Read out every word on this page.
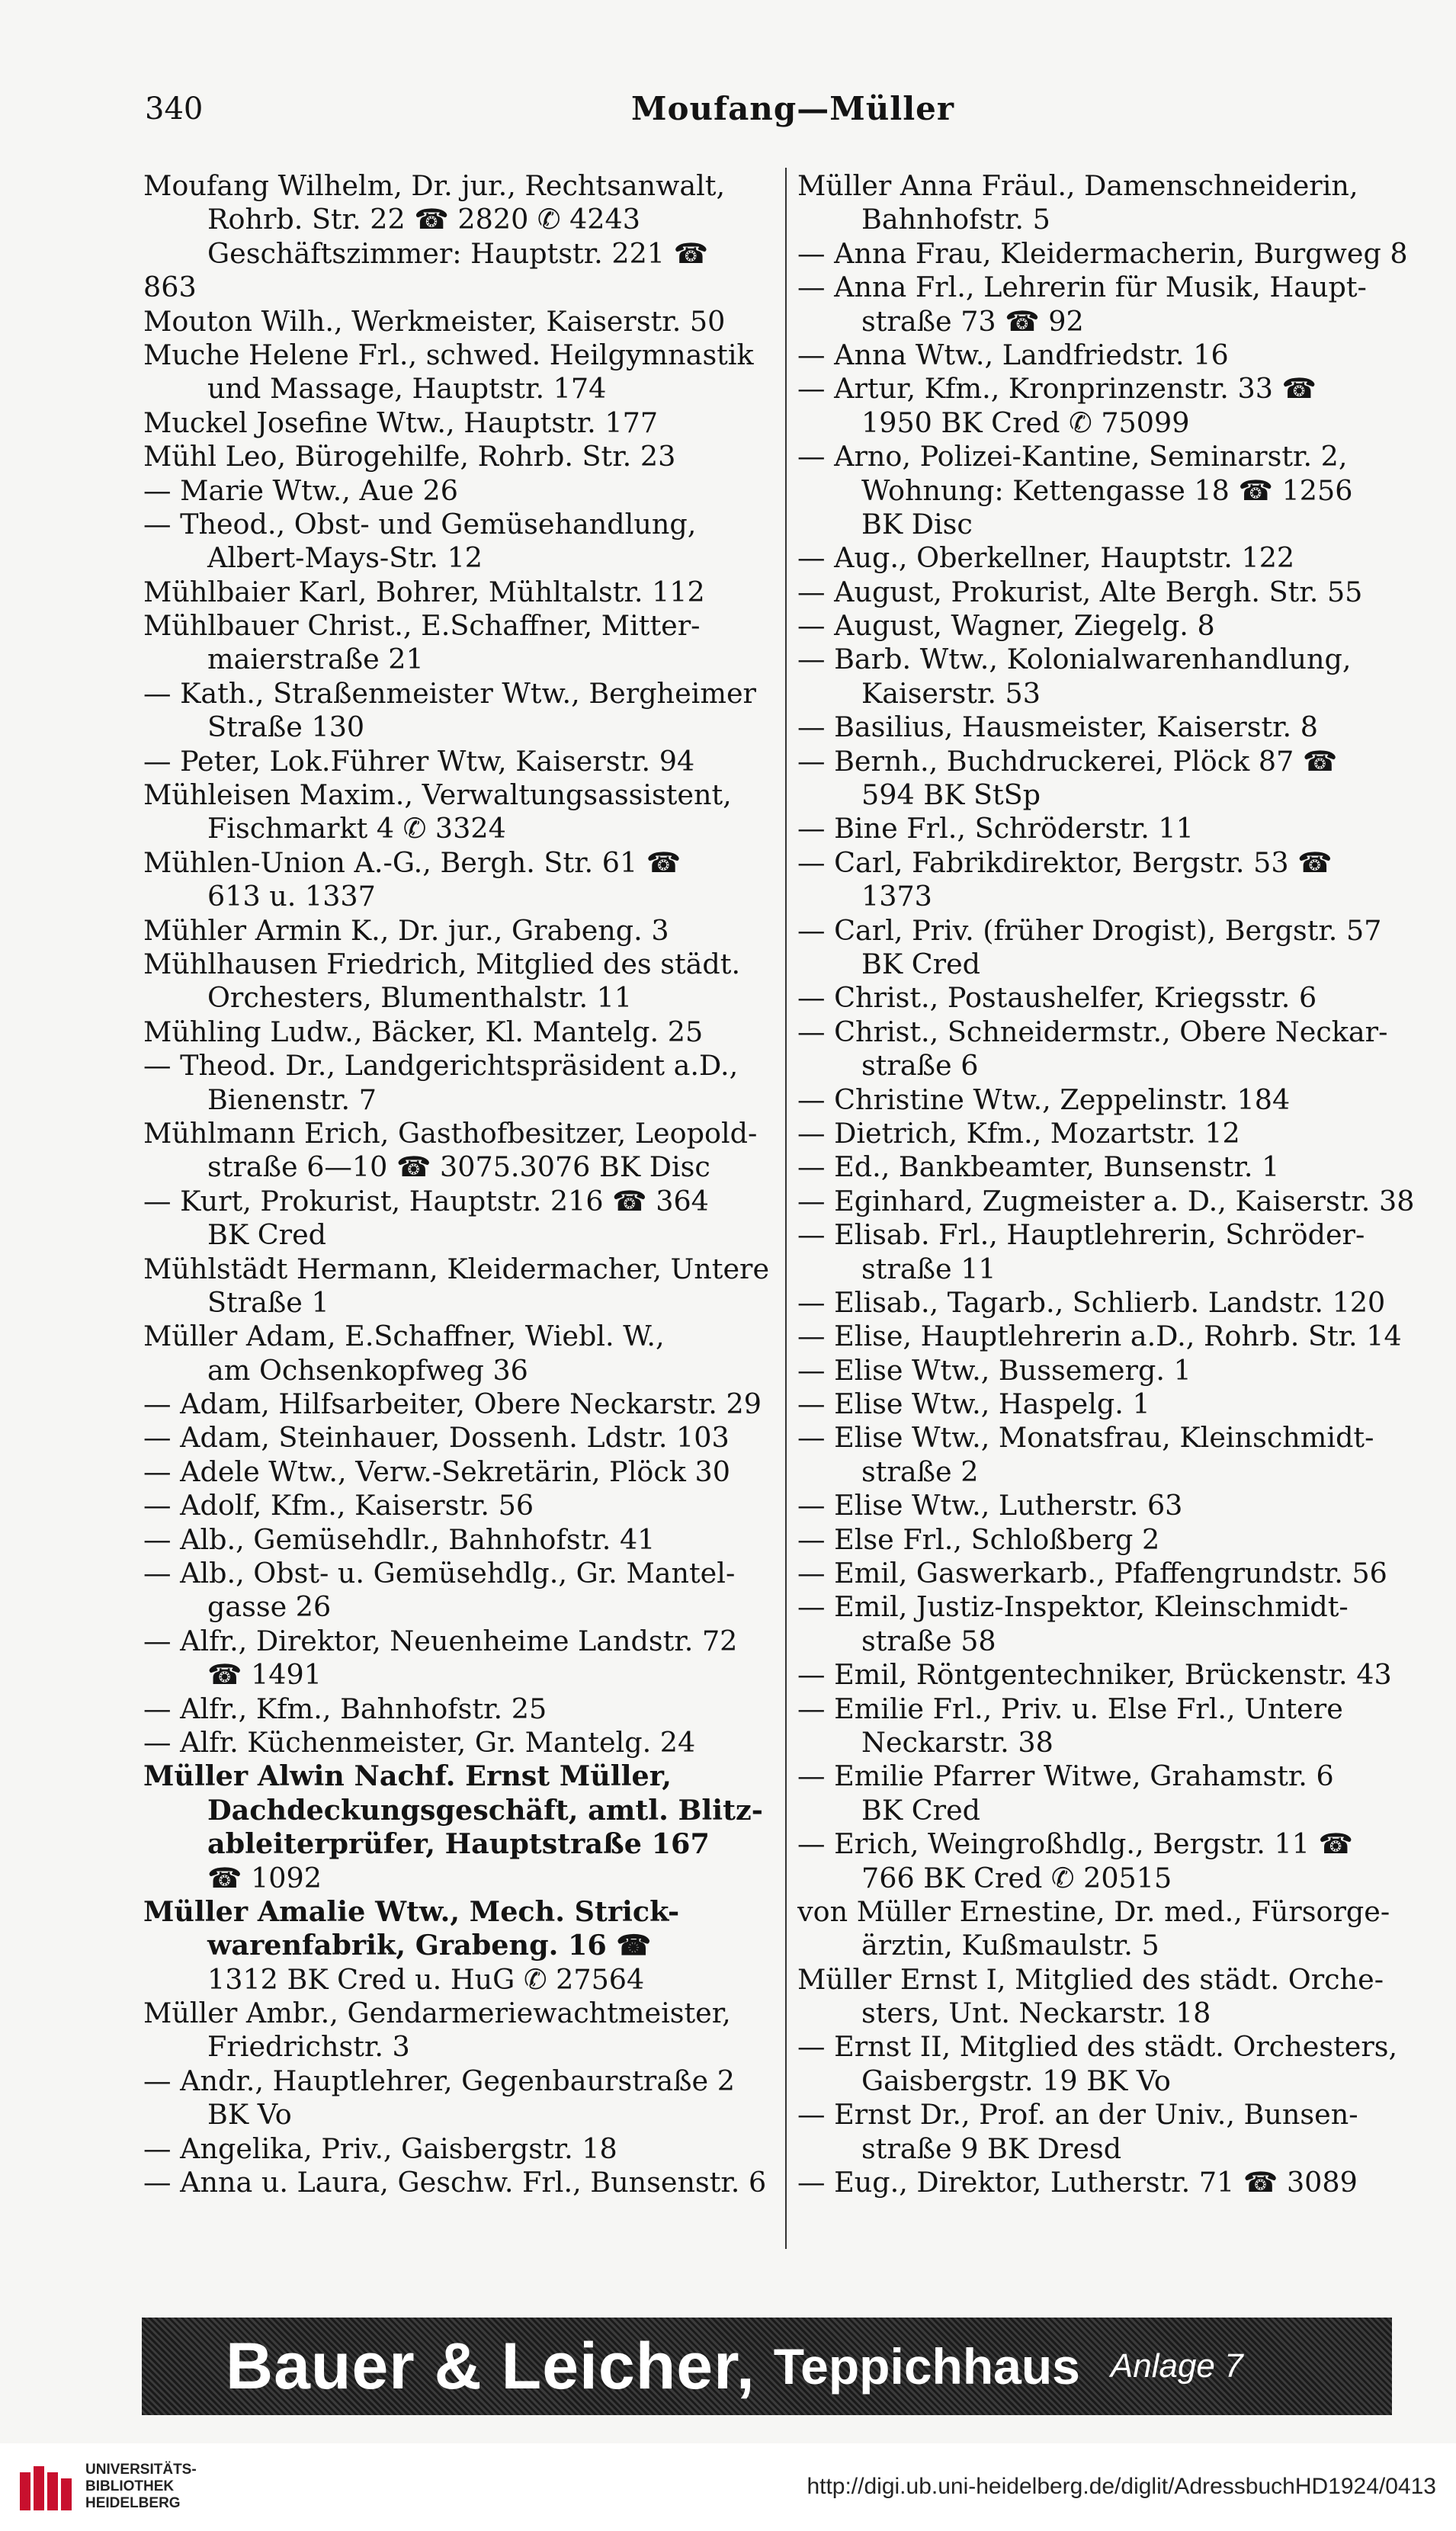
340	Moufang—Müller
Moufang Wilhelm, Dr. jur., Rechtsanwalt,
Rohrb. Str. 22 ☎ 2820 ✆ 4243
Geschäftszimmer: Hauptstr. 221 ☎
863
Mouton Wilh., Werkmeister, Kaiserstr. 50
Muche Helene Frl., schwed. Heilgymnastik
und Massage, Hauptstr. 174
Muckel Josefine Wtw., Hauptstr. 177
Mühl Leo, Bürogehilfe, Rohrb. Str. 23
— Marie Wtw., Aue 26
— Theod., Obst- und Gemüsehandlung,
Albert-Mays-Str. 12
Mühlbaier Karl, Bohrer, Mühltalstr. 112
Mühlbauer Christ., E.Schaffner, Mitter-
maierstraße 21
— Kath., Straßenmeister Wtw., Bergheimer
Straße 130
— Peter, Lok.Führer Wtw, Kaiserstr. 94
Mühleisen Maxim., Verwaltungsassistent,
Fischmarkt 4 ✆ 3324
Mühlen-Union A.-G., Bergh. Str. 61 ☎
613 u. 1337
Mühler Armin K., Dr. jur., Grabeng. 3
Mühlhausen Friedrich, Mitglied des städt.
Orchesters, Blumenthalstr. 11
Mühling Ludw., Bäcker, Kl. Mantelg. 25
— Theod. Dr., Landgerichtspräsident a.D.,
Bienenstr. 7
Mühlmann Erich, Gasthofbesitzer, Leopold-
straße 6—10 ☎ 3075.3076 BK Disc
— Kurt, Prokurist, Hauptstr. 216 ☎ 364
BK Cred
Mühlstädt Hermann, Kleidermacher, Untere
Straße 1
Müller Adam, E.Schaffner, Wiebl. W.,
am Ochsenkopfweg 36
— Adam, Hilfsarbeiter, Obere Neckarstr. 29
— Adam, Steinhauer, Dossenh. Ldstr. 103
— Adele Wtw., Verw.-Sekretärin, Plöck 30
— Adolf, Kfm., Kaiserstr. 56
— Alb., Gemüsehdlr., Bahnhofstr. 41
— Alb., Obst- u. Gemüsehdlg., Gr. Mantel-
gasse 26
— Alfr., Direktor, Neuenheime Landstr. 72
☎ 1491
— Alfr., Kfm., Bahnhofstr. 25
— Alfr. Küchenmeister, Gr. Mantelg. 24
Müller Alwin Nachf. Ernst Müller,
Dachdeckungsgeschäft, amtl. Blitz-
ableiterprüfer, Hauptstraße 167
☎ 1092
Müller Amalie Wtw., Mech. Strick-
warenfabrik, Grabeng. 16 ☎
1312 BK Cred u. HuG ✆ 27564
Müller Ambr., Gendarmeriewachtmeister,
Friedrichstr. 3
— Andr., Hauptlehrer, Gegenbaurstraße 2
BK Vo
— Angelika, Priv., Gaisbergstr. 18
— Anna u. Laura, Geschw. Frl., Bunsenstr. 6
Müller Anna Fräul., Damenschneiderin,
Bahnhofstr. 5
— Anna Frau, Kleidermacherin, Burgweg 8
— Anna Frl., Lehrerin für Musik, Haupt-
straße 73 ☎ 92
— Anna Wtw., Landfriedstr. 16
— Artur, Kfm., Kronprinzenstr. 33 ☎
1950 BK Cred ✆ 75099
— Arno, Polizei-Kantine, Seminarstr. 2,
Wohnung: Kettengasse 18 ☎ 1256
BK Disc
— Aug., Oberkellner, Hauptstr. 122
— August, Prokurist, Alte Bergh. Str. 55
— August, Wagner, Ziegelg. 8
— Barb. Wtw., Kolonialwarenhandlung,
Kaiserstr. 53
— Basilius, Hausmeister, Kaiserstr. 8
— Bernh., Buchdruckerei, Plöck 87 ☎
594 BK StSp
— Bine Frl., Schröderstr. 11
— Carl, Fabrikdirektor, Bergstr. 53 ☎
1373
— Carl, Priv. (früher Drogist), Bergstr. 57
BK Cred
— Christ., Postaushelfer, Kriegsstr. 6
— Christ., Schneidermstr., Obere Neckar-
straße 6
— Christine Wtw., Zeppelinstr. 184
— Dietrich, Kfm., Mozartstr. 12
— Ed., Bankbeamter, Bunsenstr. 1
— Eginhard, Zugmeister a. D., Kaiserstr. 38
— Elisab. Frl., Hauptlehrerin, Schröder-
straße 11
— Elisab., Tagarb., Schlierb. Landstr. 120
— Elise, Hauptlehrerin a.D., Rohrb. Str. 14
— Elise Wtw., Bussemerg. 1
— Elise Wtw., Haspelg. 1
— Elise Wtw., Monatsfrau, Kleinschmidt-
straße 2
— Elise Wtw., Lutherstr. 63
— Else Frl., Schloßberg 2
— Emil, Gaswerkarb., Pfaffengrundstr. 56
— Emil, Justiz-Inspektor, Kleinschmidt-
straße 58
— Emil, Röntgentechniker, Brückenstr. 43
— Emilie Frl., Priv. u. Else Frl., Untere
Neckarstr. 38
— Emilie Pfarrer Witwe, Grahamstr. 6
BK Cred
— Erich, Weingroßhdlg., Bergstr. 11 ☎
766 BK Cred ✆ 20515
von Müller Ernestine, Dr. med., Fürsorge-
ärztin, Kußmaulstr. 5
Müller Ernst I, Mitglied des städt. Orche-
sters, Unt. Neckarstr. 18
— Ernst II, Mitglied des städt. Orchesters,
Gaisbergstr. 19 BK Vo
— Ernst Dr., Prof. an der Univ., Bunsen-
straße 9 BK Dresd
— Eug., Direktor, Lutherstr. 71 ☎ 3089
Bauer & Leicher, Teppichhaus Anlage 7
UNIVERSITÄTS-
BIBLIOTHEK
HEIDELBERG
http://digi.ub.uni-heidelberg.de/diglit/AdressbuchHD1924/0413
